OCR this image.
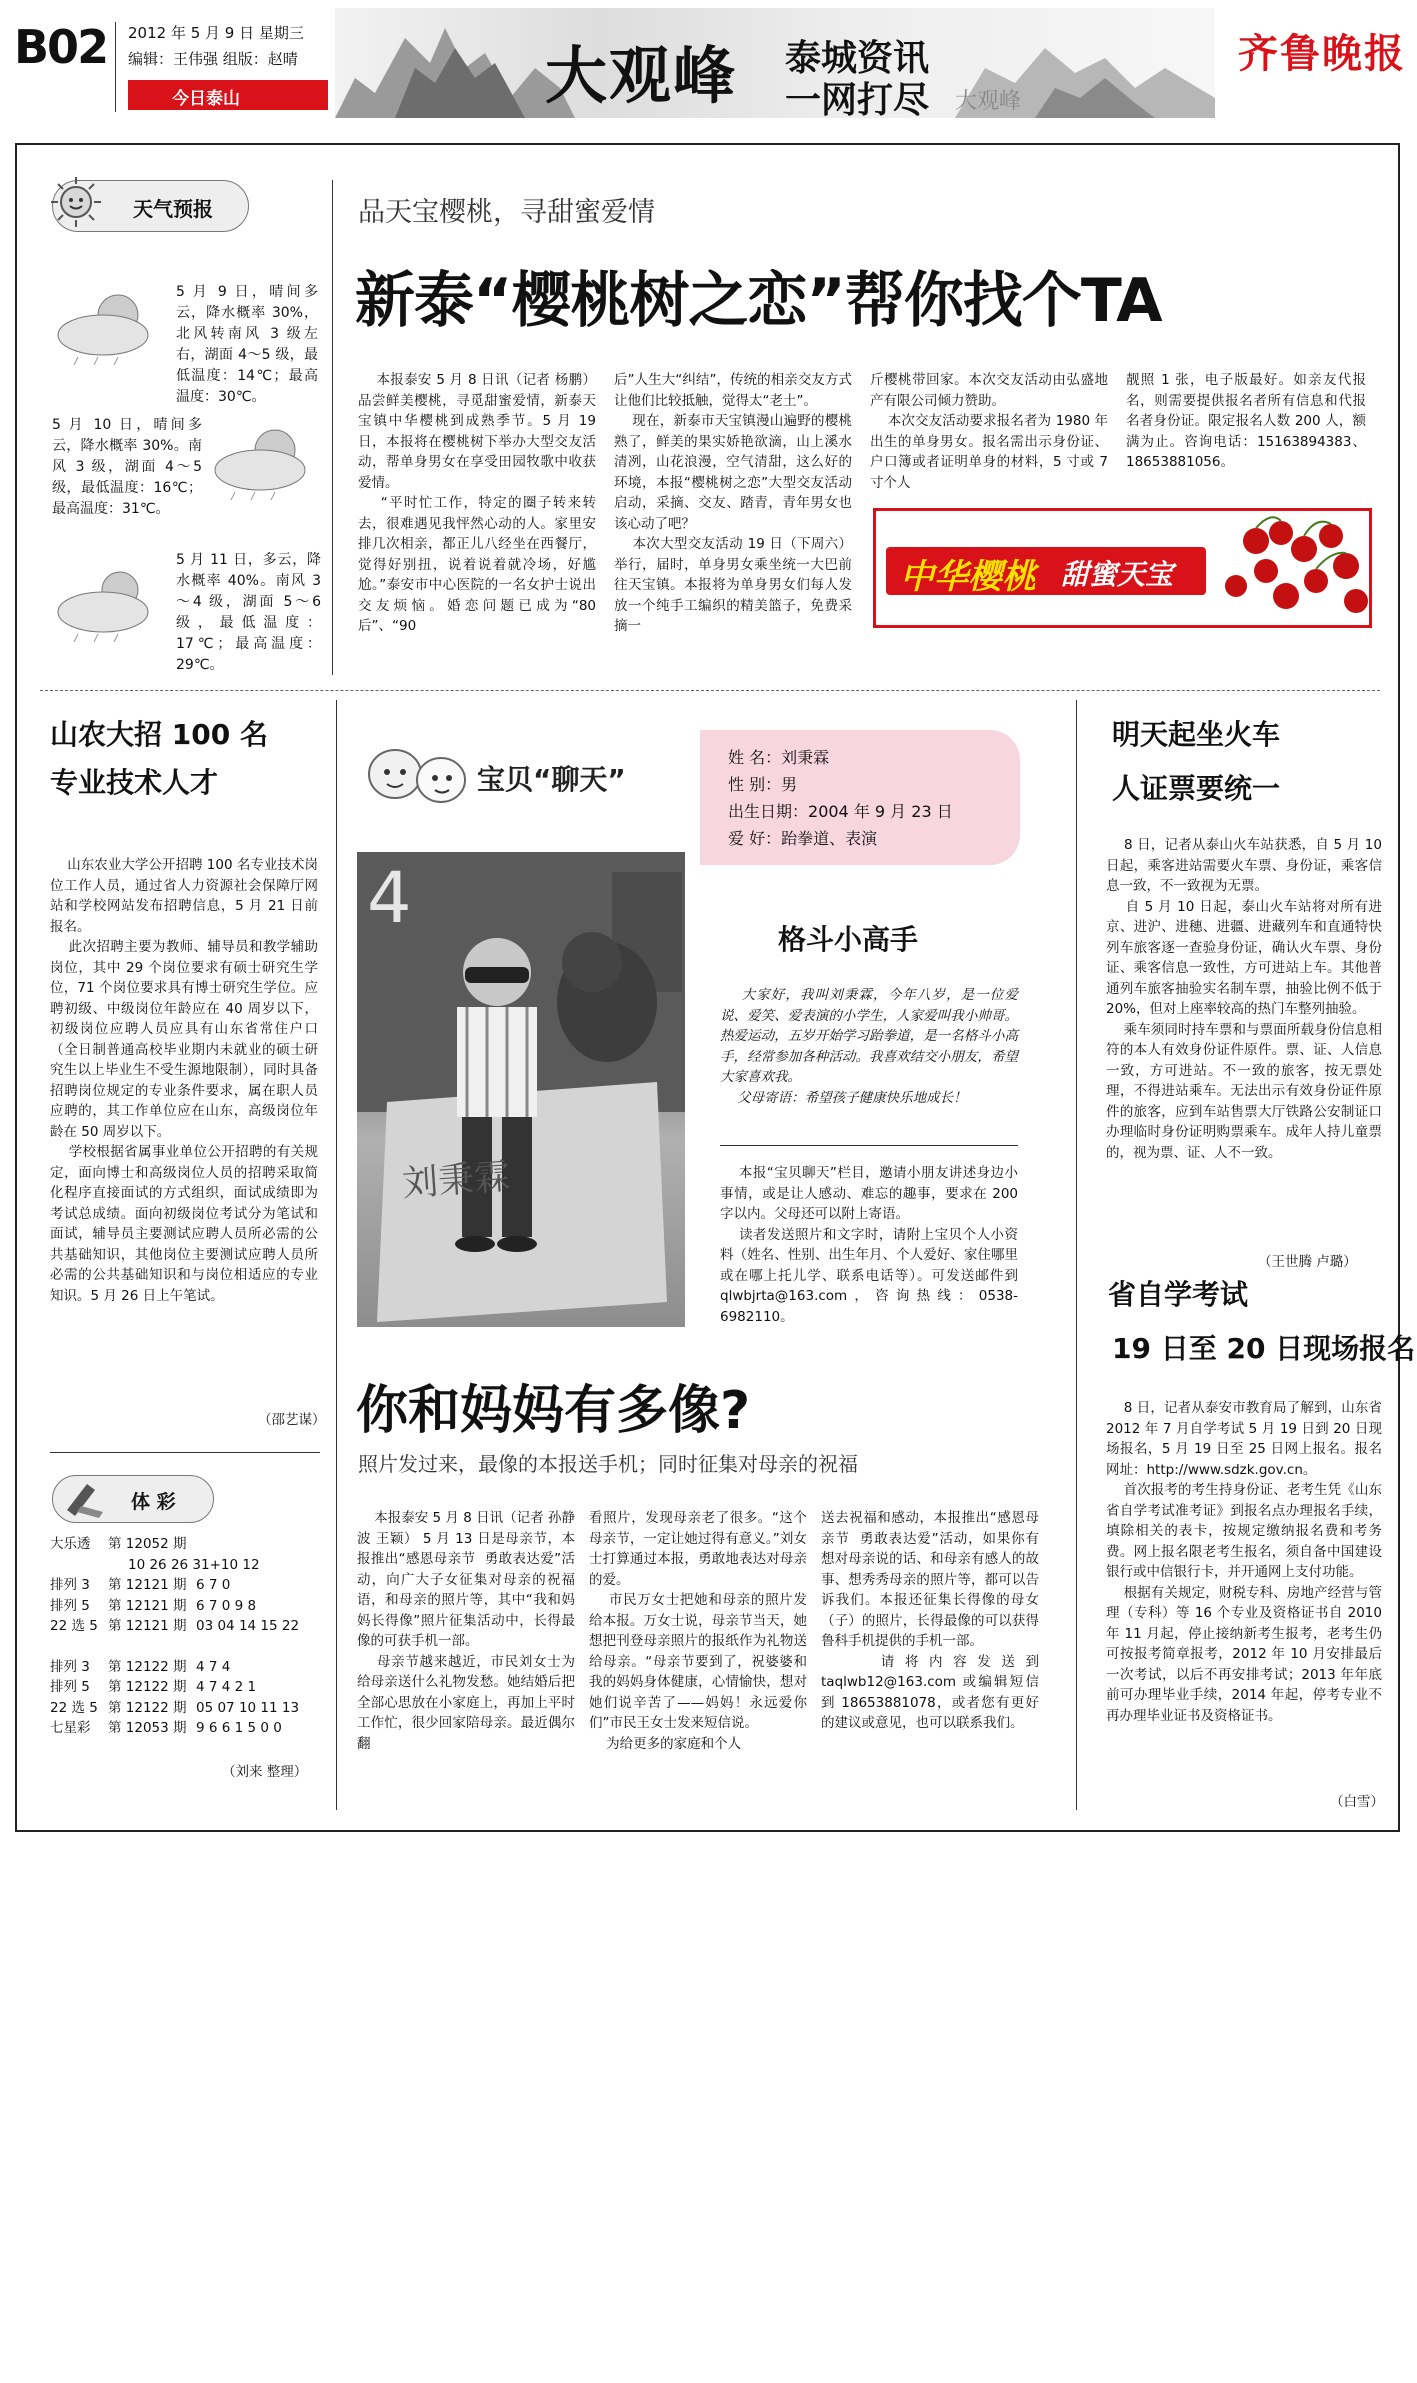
B02 2012 年 5 月 9 日 星期三
编辑：王伟强 组版：赵晴
今日泰山	大观峰 泰城资讯
一网打尽 大观峰
齐鲁晚报
天气预报
5 月 9 日，晴间多云，降水概率 30%，北风转南风 3 级左右，湖面 4～5 级，最低温度：14℃；最高温度：30℃。
5 月 10 日，晴间多云，降水概率 30%。南风 3 级，湖面 4～5 级，最低温度：16℃；最高温度：31℃。
5 月 11 日，多云，降水概率 40%。南风 3～4 级，湖面 5～6 级，最低温度：17℃；最高温度：29℃。
品天宝樱桃，寻甜蜜爱情
新泰“樱桃树之恋”帮你找个TA
本报泰安 5 月 8 日讯（记者 杨鹏） 品尝鲜美樱桃，寻觅甜蜜爱情，新泰天宝镇中华樱桃到成熟季节。5 月 19 日，本报将在樱桃树下举办大型交友活动，帮单身男女在享受田园牧歌中收获爱情。
“平时忙工作，特定的圈子转来转去，很难遇见我怦然心动的人。家里安排几次相亲，都正儿八经坐在西餐厅，觉得好别扭，说着说着就冷场，好尴尬。”泰安市中心医院的一名女护士说出交友烦恼。婚恋问题已成为“80 后”、“90
后”人生大“纠结”，传统的相亲交友方式让他们比较抵触，觉得太“老土”。
现在，新泰市天宝镇漫山遍野的樱桃熟了，鲜美的果实娇艳欲滴，山上溪水清冽，山花浪漫，空气清甜，这么好的环境，本报“樱桃树之恋”大型交友活动启动，采摘、交友、踏青，青年男女也该心动了吧？
本次大型交友活动 19 日（下周六）举行，届时，单身男女乘坐统一大巴前往天宝镇。本报将为单身男女们每人发放一个纯手工编织的精美篮子，免费采摘一
斤樱桃带回家。本次交友活动由弘盛地产有限公司倾力赞助。
本次交友活动要求报名者为 1980 年出生的单身男女。报名需出示身份证、户口簿或者证明单身的材料，5 寸或 7 寸个人
靓照 1 张，电子版最好。如亲友代报名，则需要提供报名者所有信息和代报名者身份证。限定报名人数 200 人，额满为止。咨询电话：15163894383、18653881056。
中华樱桃 甜蜜天宝
山农大招 100 名
专业技术人才
山东农业大学公开招聘 100 名专业技术岗位工作人员，通过省人力资源社会保障厅网站和学校网站发布招聘信息，5 月 21 日前报名。
此次招聘主要为教师、辅导员和教学辅助岗位，其中 29 个岗位要求有硕士研究生学位，71 个岗位要求具有博士研究生学位。应聘初级、中级岗位年龄应在 40 周岁以下，初级岗位应聘人员应具有山东省常住户口（全日制普通高校毕业期内未就业的硕士研究生以上毕业生不受生源地限制），同时具备招聘岗位规定的专业条件要求，属在职人员应聘的，其工作单位应在山东，高级岗位年龄在 50 周岁以下。
学校根据省属事业单位公开招聘的有关规定，面向博士和高级岗位人员的招聘采取简化程序直接面试的方式组织，面试成绩即为考试总成绩。面向初级岗位考试分为笔试和面试，辅导员主要测试应聘人员所必需的公共基础知识，其他岗位主要测试应聘人员所必需的公共基础知识和与岗位相适应的专业知识。5 月 26 日上午笔试。
（邵艺谋）
体 彩
大乐透	第 12052 期
10 26 26 31+10 12
排列 3	第 12121 期 6 7 0
排列 5	第 12121 期 6 7 0 9 8
22 选 5 第 12121 期 03 04 14 15 22
排列 3	第 12122 期 4 7 4
排列 5	第 12122 期 4 7 4 2 1
22 选 5 第 12122 期 05 07 10 11 13
七星彩	第 12053 期 9 6 6 1 5 0 0
（刘来 整理）
宝贝“聊天”
姓 名：刘秉霖
性 别：男
出生日期：2004 年 9 月 23 日
爱 好：跆拳道、表演
4
刘秉霖
格斗小高手
大家好，我叫刘秉霖，今年八岁，是一位爱说、爱笑、爱表演的小学生，人家爱叫我小帅哥。热爱运动，五岁开始学习跆拳道，是一名格斗小高手，经常参加各种活动。我喜欢结交小朋友，希望大家喜欢我。
父母寄语：希望孩子健康快乐地成长！
本报“宝贝聊天”栏目，邀请小朋友讲述身边小事情，或是让人感动、难忘的趣事，要求在 200 字以内。父母还可以附上寄语。
读者发送照片和文字时，请附上宝贝个人小资料（姓名、性别、出生年月、个人爱好、家住哪里或在哪上托儿学、联系电话等）。可发送邮件到 qlwbjrta@163.com，咨询热线：0538-6982110。
明天起坐火车
人证票要统一
8 日，记者从泰山火车站获悉，自 5 月 10 日起，乘客进站需要火车票、身份证，乘客信息一致，不一致视为无票。
自 5 月 10 日起，泰山火车站将对所有进京、进沪、进穗、进疆、进藏列车和直通特快列车旅客逐一查验身份证，确认火车票、身份证、乘客信息一致性，方可进站上车。其他普通列车旅客抽验实名制车票，抽验比例不低于 20%，但对上座率较高的热门车整列抽验。
乘车须同时持车票和与票面所载身份信息相符的本人有效身份证件原件。票、证、人信息一致，方可进站。不一致的旅客，按无票处理，不得进站乘车。无法出示有效身份证件原件的旅客，应到车站售票大厅铁路公安制证口办理临时身份证明购票乘车。成年人持儿童票的，视为票、证、人不一致。
（王世腾 卢璐）
省自学考试
19 日至 20 日现场报名
8 日，记者从泰安市教育局了解到，山东省 2012 年 7 月自学考试 5 月 19 日到 20 日现场报名，5 月 19 日至 25 日网上报名。报名网址：http://www.sdzk.gov.cn。
首次报考的考生持身份证、老考生凭《山东省自学考试准考证》到报名点办理报名手续，填除相关的表卡，按规定缴纳报名费和考务费。网上报名限老考生报名，须自备中国建设银行或中信银行卡，并开通网上支付功能。
根据有关规定，财税专科、房地产经营与管理（专科）等 16 个专业及资格证书自 2010 年 11 月起，停止接纳新考生报考，老考生仍可按报考简章报考，2012 年 10 月安排最后一次考试，以后不再安排考试；2013 年年底前可办理毕业手续，2014 年起，停考专业不再办理毕业证书及资格证书。
（白雪）
你和妈妈有多像?
照片发过来，最像的本报送手机；同时征集对母亲的祝福
本报泰安 5 月 8 日讯（记者 孙静波 王颖） 5 月 13 日是母亲节，本报推出“感恩母亲节  勇敢表达爱”活动，向广大子女征集对母亲的祝福语，和母亲的照片等，其中“我和妈妈长得像”照片征集活动中，长得最像的可获手机一部。
母亲节越来越近，市民刘女士为给母亲送什么礼物发愁。她结婚后把全部心思放在小家庭上，再加上平时工作忙，很少回家陪母亲。最近偶尔翻
看照片，发现母亲老了很多。“这个母亲节，一定让她过得有意义。”刘女士打算通过本报，勇敢地表达对母亲的爱。
市民万女士把她和母亲的照片发给本报。万女士说，母亲节当天，她想把刊登母亲照片的报纸作为礼物送给母亲。“母亲节要到了，祝婆婆和我的妈妈身体健康，心情愉快，想对她们说辛苦了——妈妈！永远爱你们”市民王女士发来短信说。
为给更多的家庭和个人
送去祝福和感动，本报推出“感恩母亲节  勇敢表达爱”活动，如果你有想对母亲说的话、和母亲有感人的故事、想秀秀母亲的照片等，都可以告诉我们。本报还征集长得像的母女（子）的照片，长得最像的可以获得鲁科手机提供的手机一部。
请将内容发送到 taqlwb12@163.com 或编辑短信到 18653881078，或者您有更好的建议或意见，也可以联系我们。
